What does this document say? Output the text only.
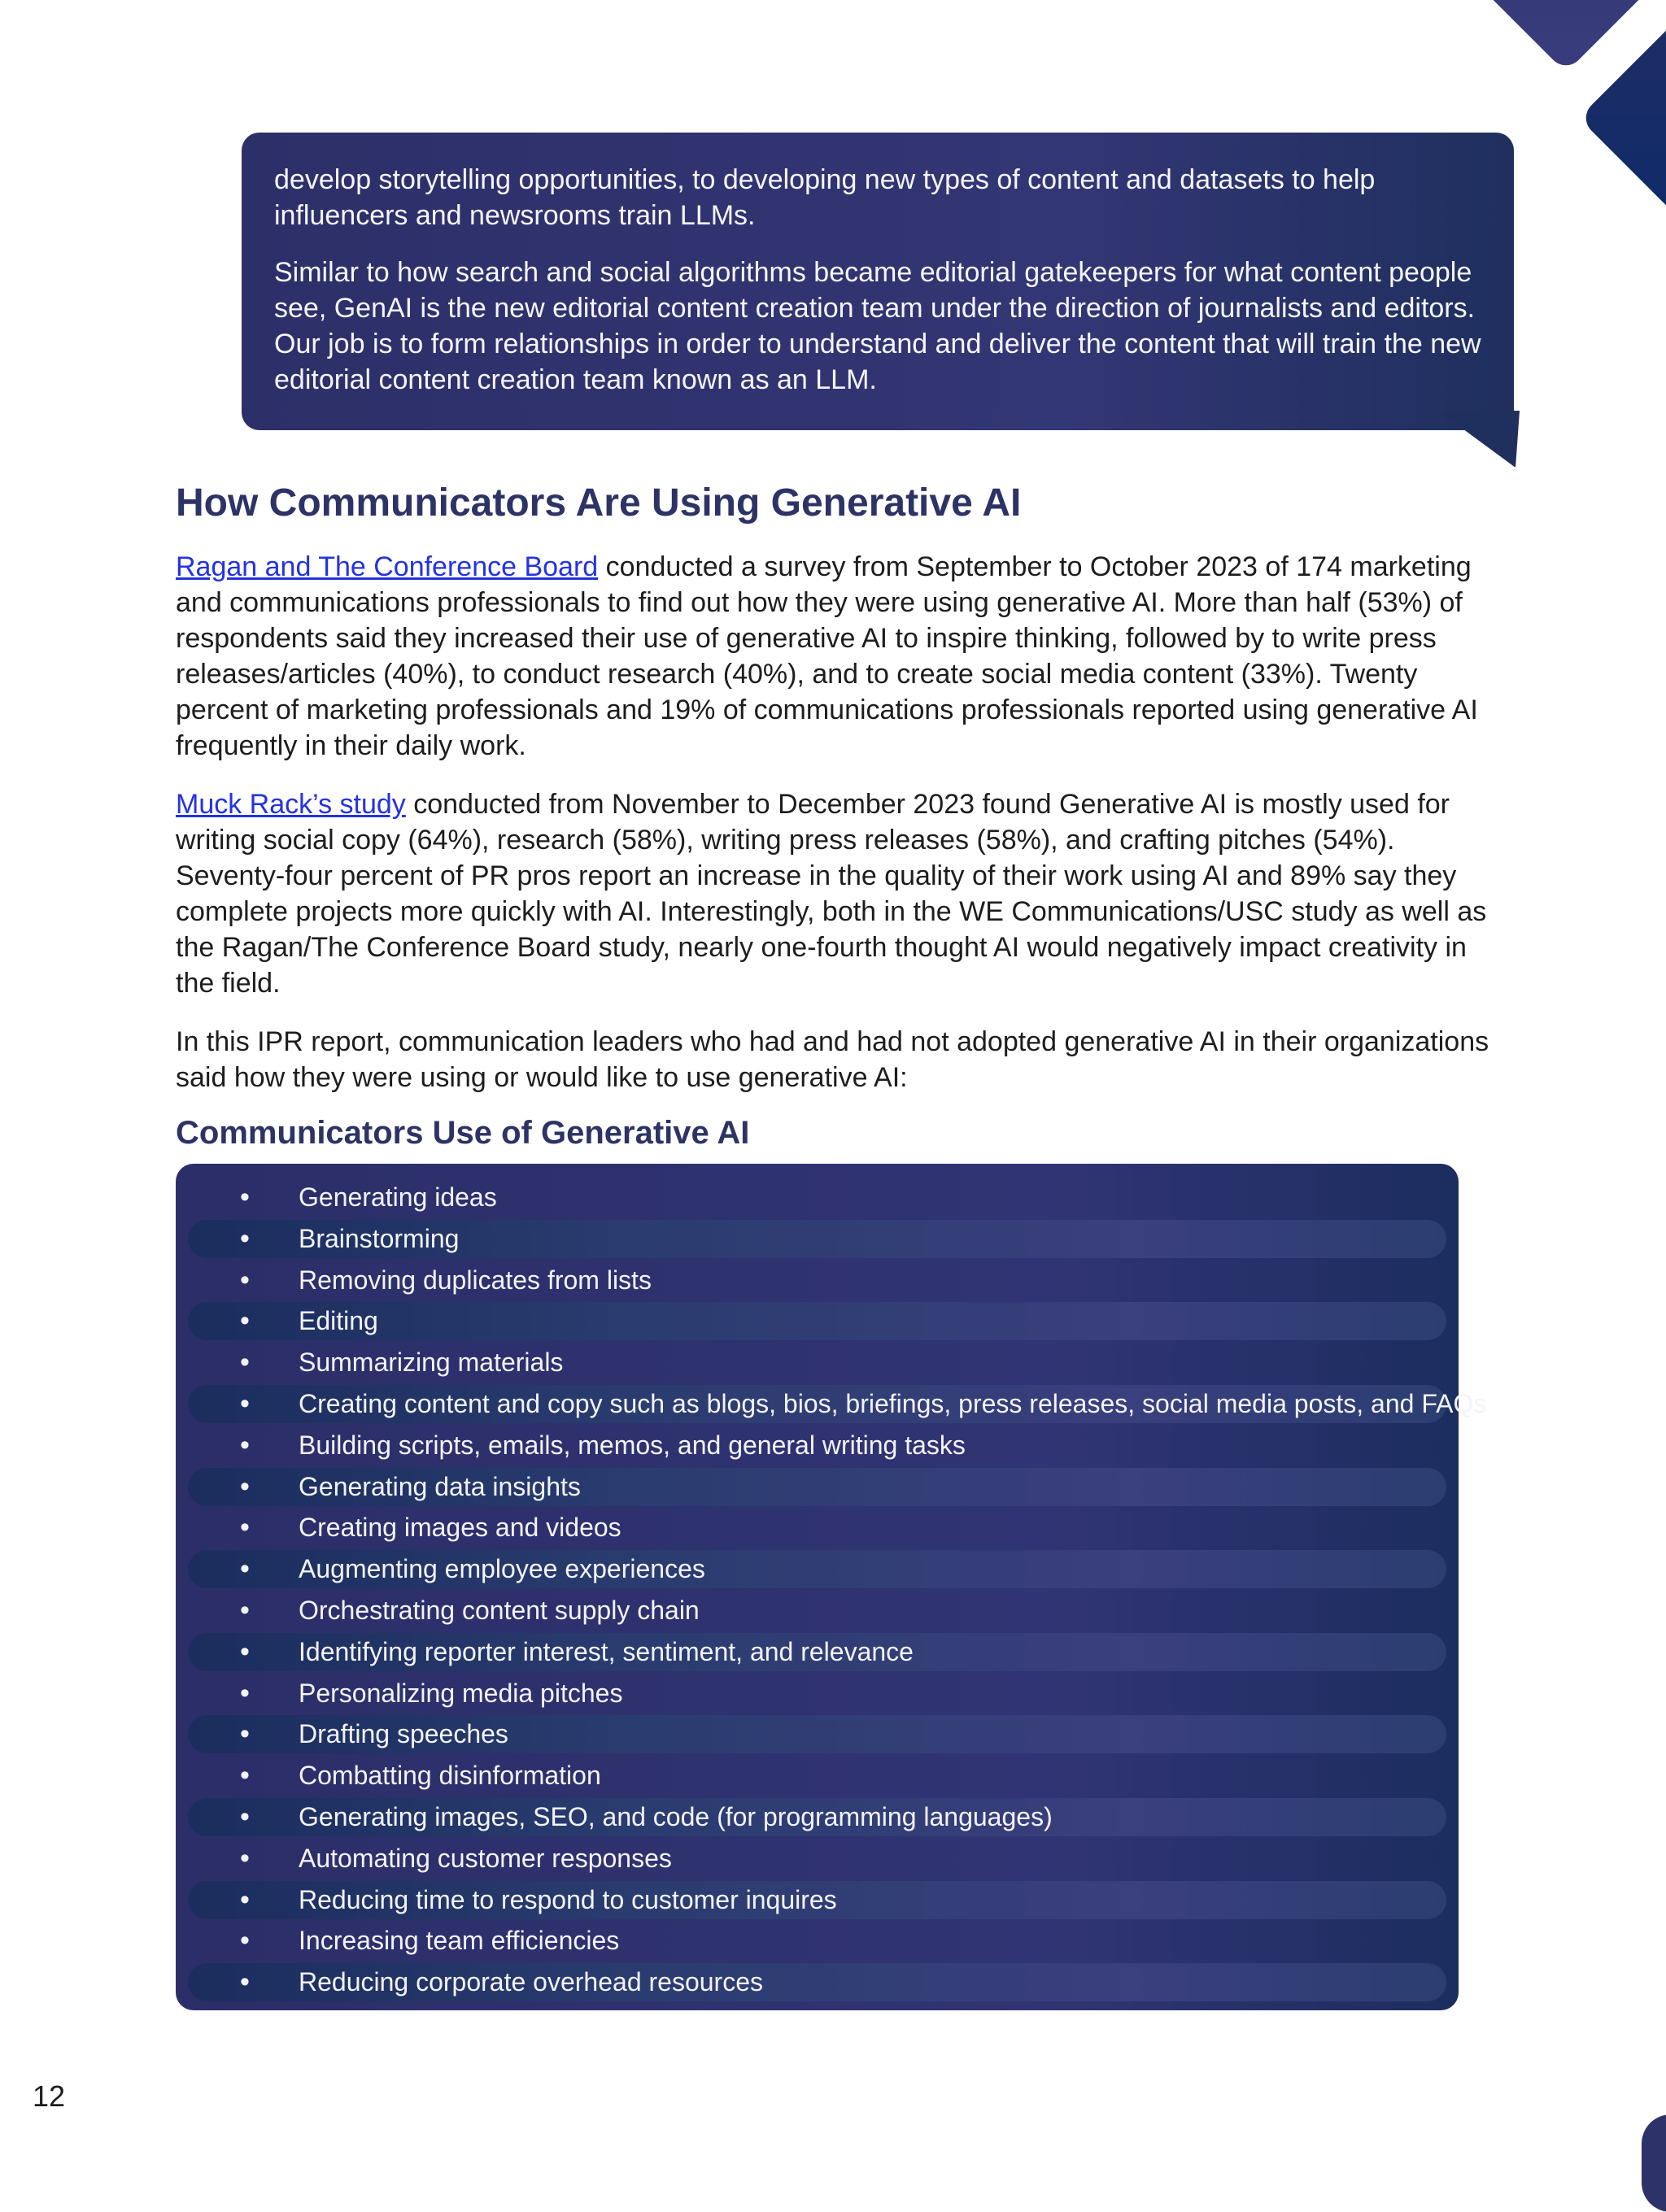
develop storytelling opportunities, to developing new types of content and datasets to help influencers and newsrooms train LLMs.

Similar to how search and social algorithms became editorial gatekeepers for what content people see, GenAI is the new editorial content creation team under the direction of journalists and editors. Our job is to form relationships in order to understand and deliver the content that will train the new editorial content creation team known as an LLM.

How Communicators Are Using Generative AI

Ragan and The Conference Board conducted a survey from September to October 2023 of 174 marketing and communications professionals to find out how they were using generative AI. More than half (53%) of respondents said they increased their use of generative AI to inspire thinking, followed by to write press releases/articles (40%), to conduct research (40%), and to create social media content (33%). Twenty percent of marketing professionals and 19% of communications professionals reported using generative AI frequently in their daily work.

Muck Rack’s study conducted from November to December 2023 found Generative AI is mostly used for writing social copy (64%), research (58%), writing press releases (58%), and crafting pitches (54%). Seventy-four percent of PR pros report an increase in the quality of their work using AI and 89% say they complete projects more quickly with AI. Interestingly, both in the WE Communications/USC study as well as the Ragan/The Conference Board study, nearly one-fourth thought AI would negatively impact creativity in the field.

In this IPR report, communication leaders who had and had not adopted generative AI in their organizations said how they were using or would like to use generative AI:

Communicators Use of Generative AI
• Generating ideas
• Brainstorming
• Removing duplicates from lists
• Editing
• Summarizing materials
• Creating content and copy such as blogs, bios, briefings, press releases, social media posts, and FAQs
• Building scripts, emails, memos, and general writing tasks
• Generating data insights
• Creating images and videos
• Augmenting employee experiences
• Orchestrating content supply chain
• Identifying reporter interest, sentiment, and relevance
• Personalizing media pitches
• Drafting speeches
• Combatting disinformation
• Generating images, SEO, and code (for programming languages)
• Automating customer responses
• Reducing time to respond to customer inquires
• Increasing team efficiencies
• Reducing corporate overhead resources
12
